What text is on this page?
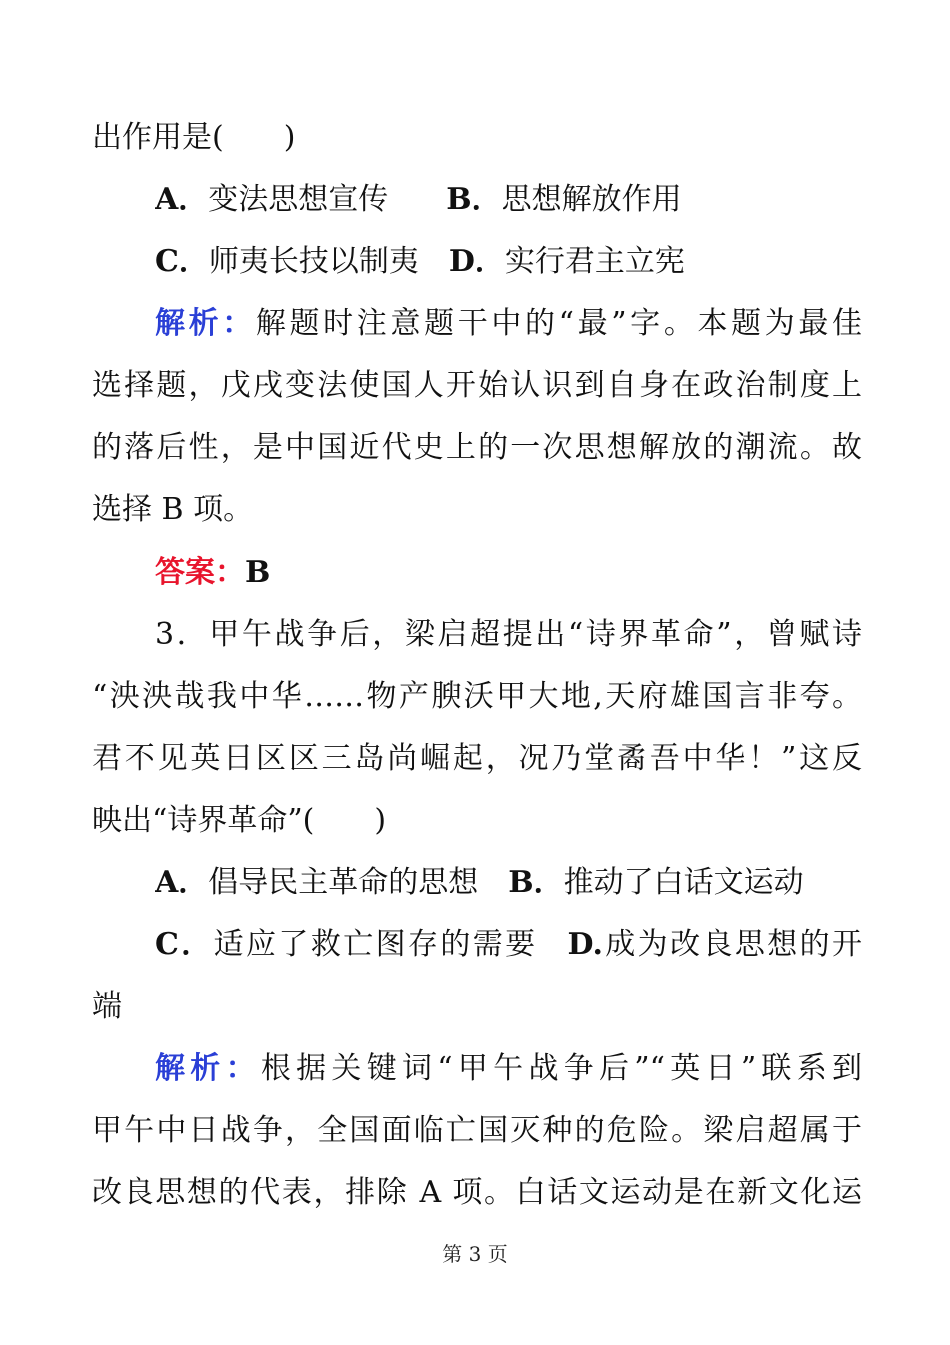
出作用是(　　)
A．变法思想宣传 B．思想解放作用
C．师夷长技以制夷 D．实行君主立宪
解析：解题时注意题干中的“最”字。本题为最佳
选择题，戊戌变法使国人开始认识到自身在政治制度上
的落后性，是中国近代史上的一次思想解放的潮流。故
选择 B 项。
答案：B
3．甲午战争后，梁启超提出“诗界革命”，曾赋诗
“泱泱哉我中华……物产腴沃甲大地,天府雄国言非夸。
君不见英日区区三岛尚崛起，况乃堂矞吾中华！”这反
映出“诗界革命”(　　)
A．倡导民主革命的思想 B．推动了白话文运动
C．适应了救亡图存的需要 D.成为改良思想的开
端
解析：根据关键词“甲午战争后”“英日”联系到
甲午中日战争，全国面临亡国灭种的危险。梁启超属于
改良思想的代表，排除 A 项。白话文运动是在新文化运
第 3 页
